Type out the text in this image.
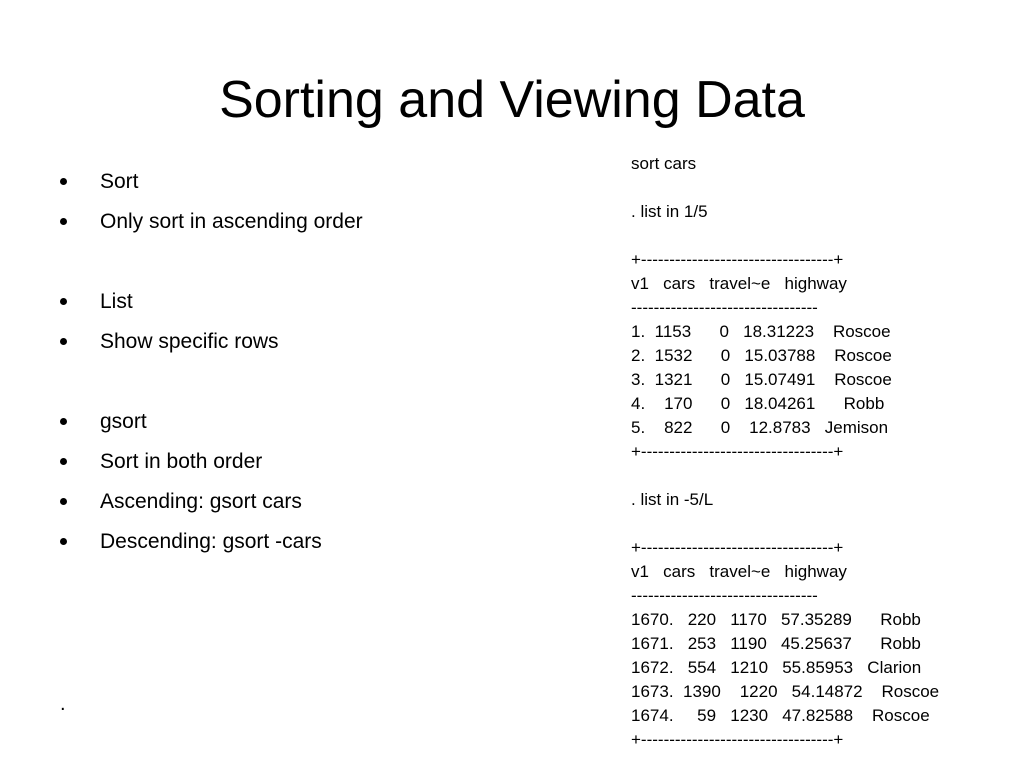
Sorting and Viewing Data
Sort
Only sort in ascending order
List
Show specific rows
gsort
Sort in both order
Ascending: gsort cars
Descending: gsort -cars
.
sort cars
. list in 1/5
+----------------------------------+
v1   cars   travel~e   highway
---------------------------------
1.  1153      0   18.31223    Roscoe
2.  1532      0   15.03788    Roscoe
3.  1321      0   15.07491    Roscoe
4.    170      0   18.04261      Robb
5.    822      0    12.8783   Jemison
+----------------------------------+
. list in -5/L
+----------------------------------+
v1   cars   travel~e   highway
---------------------------------
1670.   220   1170   57.35289      Robb
1671.   253   1190   45.25637      Robb
1672.   554   1210   55.85953   Clarion
1673.  1390    1220   54.14872    Roscoe
1674.     59   1230   47.82588    Roscoe
+----------------------------------+
